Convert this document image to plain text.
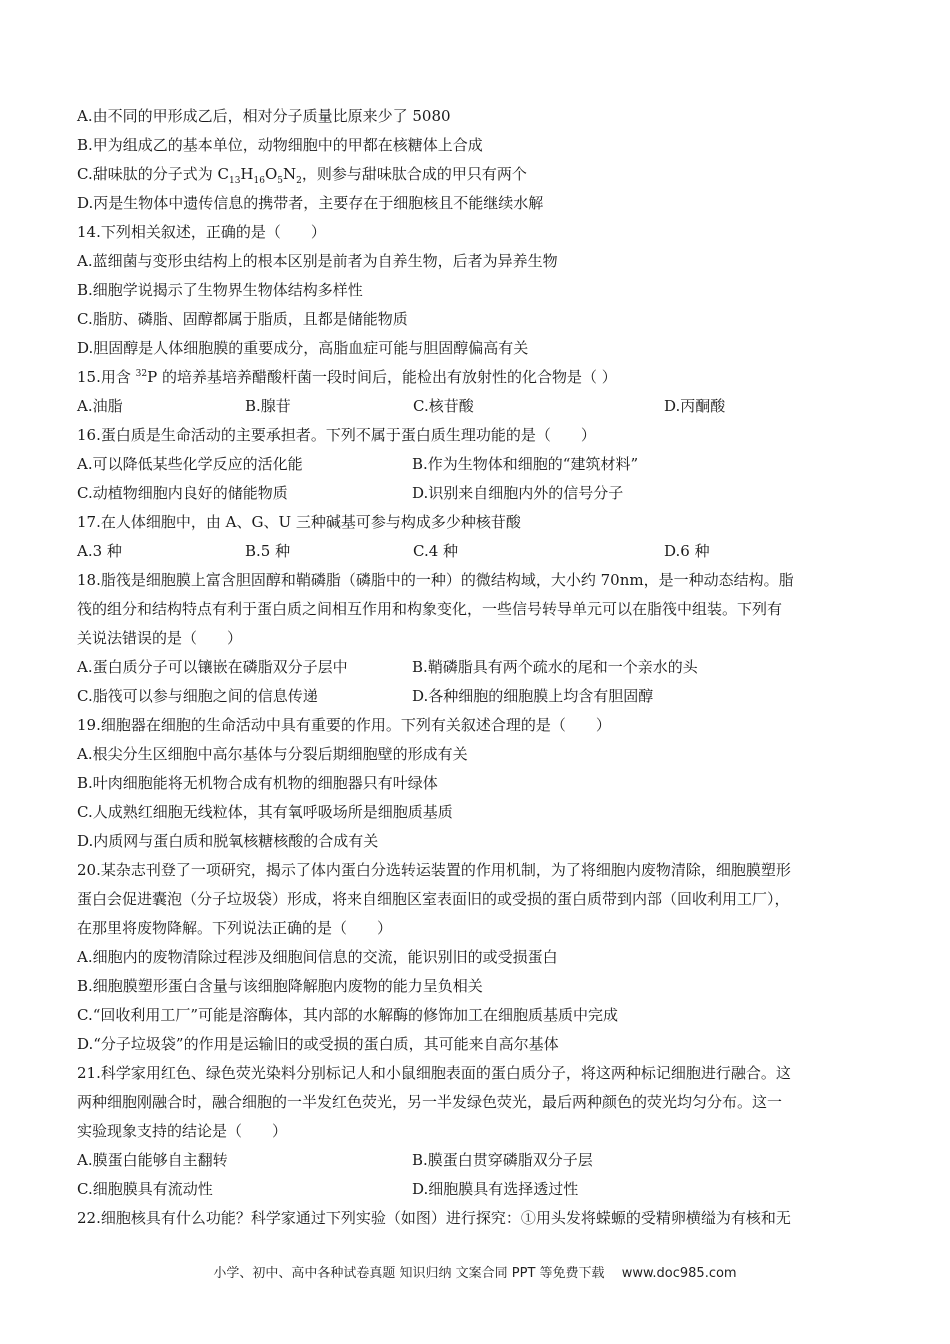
A.由不同的甲形成乙后，相对分子质量比原来少了 5080
B.甲为组成乙的基本单位，动物细胞中的甲都在核糖体上合成
C.甜味肽的分子式为 $C_{13}H_{16}O_5N_2$，则参与甜味肽合成的甲只有两个
D.丙是生物体中遗传信息的携带者，主要存在于细胞核且不能继续水解
14.下列相关叙述，正确的是（　　）
A.蓝细菌与变形虫结构上的根本区别是前者为自养生物，后者为异养生物
B.细胞学说揭示了生物界生物体结构多样性
C.脂肪、磷脂、固醇都属于脂质，且都是储能物质
D.胆固醇是人体细胞膜的重要成分，高脂血症可能与胆固醇偏高有关
15.用含 $^{32}$P 的培养基培养醋酸杆菌一段时间后，能检出有放射性的化合物是（ ）
A.油脂	B.腺苷	C.核苷酸	D.丙酮酸
16.蛋白质是生命活动的主要承担者。下列不属于蛋白质生理功能的是（　　）
A.可以降低某些化学反应的活化能	B.作为生物体和细胞的“建筑材料”
C.动植物细胞内良好的储能物质	D.识别来自细胞内外的信号分子
17.在人体细胞中，由 A、G、U 三种碱基可参与构成多少种核苷酸
A.3 种	B.5 种	C.4 种	D.6 种
18.脂筏是细胞膜上富含胆固醇和鞘磷脂（磷脂中的一种）的微结构域，大小约 70nm，是一种动态结构。脂
筏的组分和结构特点有利于蛋白质之间相互作用和构象变化，一些信号转导单元可以在脂筏中组装。下列有
关说法错误的是（　　）
A.蛋白质分子可以镶嵌在磷脂双分子层中	B.鞘磷脂具有两个疏水的尾和一个亲水的头
C.脂筏可以参与细胞之间的信息传递	D.各种细胞的细胞膜上均含有胆固醇
19.细胞器在细胞的生命活动中具有重要的作用。下列有关叙述合理的是（　　）
A.根尖分生区细胞中高尔基体与分裂后期细胞壁的形成有关
B.叶肉细胞能将无机物合成有机物的细胞器只有叶绿体
C.人成熟红细胞无线粒体，其有氧呼吸场所是细胞质基质
D.内质网与蛋白质和脱氧核糖核酸的合成有关
20.某杂志刊登了一项研究，揭示了体内蛋白分选转运装置的作用机制，为了将细胞内废物清除，细胞膜塑形
蛋白会促进囊泡（分子垃圾袋）形成，将来自细胞区室表面旧的或受损的蛋白质带到内部（回收利用工厂），
在那里将废物降解。下列说法正确的是（　　）
A.细胞内的废物清除过程涉及细胞间信息的交流，能识别旧的或受损蛋白
B.细胞膜塑形蛋白含量与该细胞降解胞内废物的能力呈负相关
C.“回收利用工厂”可能是溶酶体，其内部的水解酶的修饰加工在细胞质基质中完成
D.“分子垃圾袋”的作用是运输旧的或受损的蛋白质，其可能来自高尔基体
21.科学家用红色、绿色荧光染料分别标记人和小鼠细胞表面的蛋白质分子，将这两种标记细胞进行融合。这
两种细胞刚融合时，融合细胞的一半发红色荧光，另一半发绿色荧光，最后两种颜色的荧光均匀分布。这一
实验现象支持的结论是（　　）
A.膜蛋白能够自主翻转	B.膜蛋白贯穿磷脂双分子层
C.细胞膜具有流动性	D.细胞膜具有选择透过性
22.细胞核具有什么功能？科学家通过下列实验（如图）进行探究：①用头发将蝾螈的受精卵横缢为有核和无
小学、初中、高中各种试卷真题 知识归纳 文案合同 PPT 等免费下载　 www.doc985.com
